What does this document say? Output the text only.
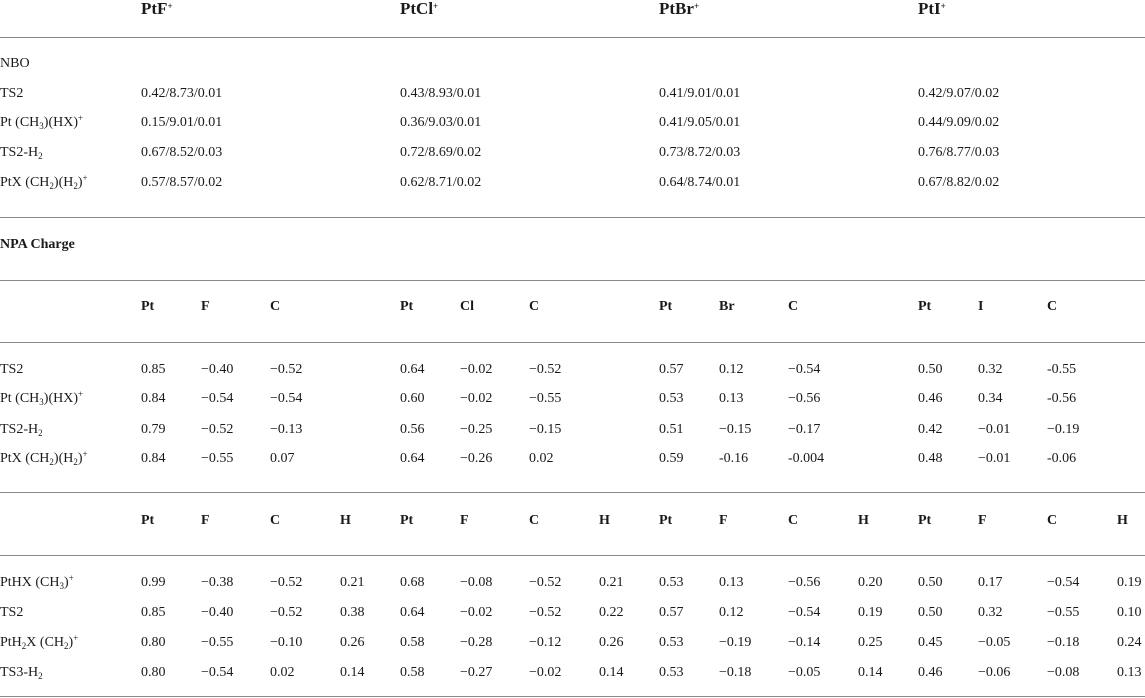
PtF+	PtCl+	PtBr+	PtI+
NBO
TS2	0.42/8.73/0.01	0.43/8.93/0.01	0.41/9.01/0.01	0.42/9.07/0.02
Pt $(CH_3)(HX)^+$	0.15/9.01/0.01	0.36/9.03/0.01	0.41/9.05/0.01	0.44/9.09/0.02
$TS2-H_2$	0.67/8.52/0.03	0.72/8.69/0.02	0.73/8.72/0.03	0.76/8.77/0.03
PtX $(CH_2)(H_2)^+$	0.57/8.57/0.02	0.62/8.71/0.02	0.64/8.74/0.01	0.67/8.82/0.02
NPA Charge
Pt	F	C	Pt	Cl	C	Pt	Br	C	Pt	I	C
TS2	0.85	−0.40	−0.52	0.64	−0.02	−0.52	0.57	0.12	−0.54	0.50	0.32	-0.55
Pt $(CH_3)(HX)^+$	0.84	−0.54	−0.54	0.60	−0.02	−0.55	0.53	0.13	−0.56	0.46	0.34	-0.56
$TS2-H_2$	0.79	−0.52	−0.13	0.56	−0.25	−0.15	0.51	−0.15	−0.17	0.42	−0.01	−0.19
PtX $(CH_2)(H_2)^+$	0.84	−0.55	0.07	0.64	−0.26	0.02	0.59	-0.16	-0.004	0.48	−0.01	-0.06
Pt	F	C	H	Pt	F	C	H	Pt	F	C	H	Pt	F	C	H
PtHX $(CH_3)^+$	0.99	−0.38	−0.52	0.21	0.68	−0.08	−0.52	0.21	0.53	0.13	−0.56	0.20	0.50	0.17	−0.54	0.19
TS2	0.85	−0.40	−0.52	0.38	0.64	−0.02	−0.52	0.22	0.57	0.12	−0.54	0.19	0.50	0.32	−0.55	0.10
PtH$_2$X $(CH_2)^+$	0.80	−0.55	−0.10	0.26	0.58	−0.28	−0.12	0.26	0.53	−0.19	−0.14	0.25	0.45	−0.05	−0.18	0.24
$TS3-H_2$	0.80	−0.54	0.02	0.14	0.58	−0.27	−0.02	0.14	0.53	−0.18	−0.05	0.14	0.46	−0.06	−0.08	0.13
